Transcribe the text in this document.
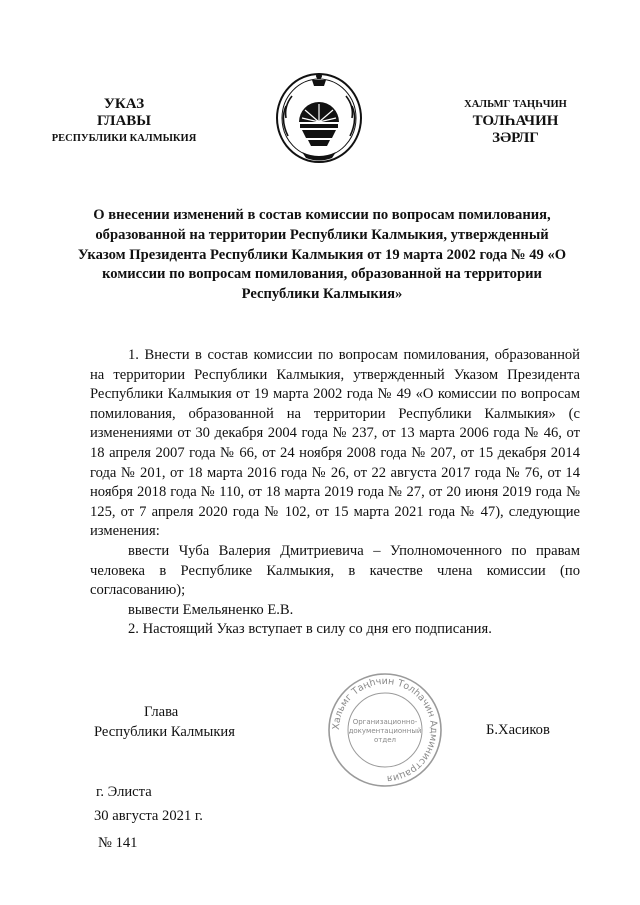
УКАЗ
ГЛАВЫ
РЕСПУБЛИКИ КАЛМЫКИЯ
ХАЛЬМГ ТАҢҺЧИН
ТОЛҺАЧИН
ЗӘРЛГ
О внесении изменений в состав комиссии по вопросам помилования, образованной на территории Республики Калмыкия, утвержденный Указом Президента Республики Калмыкия от 19 марта 2002 года № 49 «О комиссии по вопросам помилования, образованной на территории Республики Калмыкия»

1. Внести в состав комиссии по вопросам помилования, образованной на территории Республики Калмыкия, утвержденный Указом Президента Республики Калмыкия от 19 марта 2002 года № 49 «О комиссии по вопросам помилования, образованной на территории Республики Калмыкия» (с изменениями от 30 декабря 2004 года № 237, от 13 марта 2006 года № 46, от 18 апреля 2007 года № 66, от 24 ноября 2008 года № 207, от 15 декабря 2014 года № 201, от 18 марта 2016 года № 26, от 22 августа 2017 года № 76, от 14 ноября 2018 года № 110, от 18 марта 2019 года № 27, от 20 июня 2019 года № 125, от 7 апреля 2020 года № 102, от 15 марта 2021 года № 47), следующие изменения:

ввести Чуба Валерия Дмитриевича – Уполномоченного по правам человека в Республике Калмыкия, в качестве члена комиссии (по согласованию);

вывести Емельяненко Е.В.

2. Настоящий Указ вступает в силу со дня его подписания.

Глава
Республики Калмыкия	Хальмг Таңһчин Толһачин Администрация
Организационно-
документационный
отдел
Б.Хасиков
г. Элиста
30 августа 2021 г.
№ 141
